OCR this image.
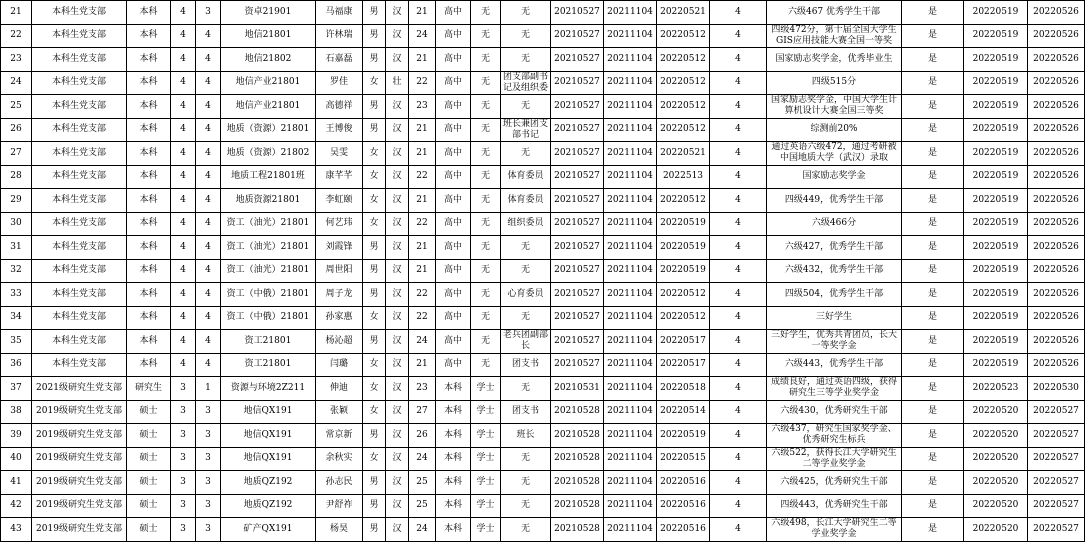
21	本科生党支部	本科	4	3	资卓21901	马福康	男	汉	21	高中	无	无	20210527	20211104	20220521	4	六级467 优秀学生干部	是	20220519	20220526
22	本科生党支部	本科	4	4	地信21801	许林瑞	男	汉	24	高中	无	无	20210527	20211104	20220512	4	四级472分，第十届全国大学生GIS应用技能大赛全国一等奖	是	20220519	20220526
23	本科生党支部	本科	4	4	地信21802	石嘉磊	男	汉	21	高中	无	无	20210527	20211104	20220512	4	国家励志奖学金，优秀毕业生	是	20220519	20220526
24	本科生党支部	本科	4	4	地信产业21801	罗佳	女	壮	22	高中	无	团支部副书记及组织委	20210527	20211104	20220512	4	四级515分	是	20220519	20220526
25	本科生党支部	本科	4	4	地信产业21801	高德祥	男	汉	23	高中	无	无	20210527	20211104	20220512	4	国家励志奖学金，中国大学生计算机设计大赛全国三等奖	是	20220519	20220526
26	本科生党支部	本科	4	4	地质（资源）21801	王博俊	男	汉	21	高中	无	班长兼团支部书记	20210527	20211104	20220512	4	综测前20%	是	20220519	20220526
27	本科生党支部	本科	4	4	地质（资源）21802	吴雯	女	汉	21	高中	无	无	20210527	20211104	20220521	4	通过英语六级472，通过考研被中国地质大学（武汉）录取	是	20220519	20220526
28	本科生党支部	本科	4	4	地质工程21801班	康芊芊	女	汉	22	高中	无	体育委员	20210527	20211104	2022513	4	国家励志奖学金	是	20220519	20220526
29	本科生党支部	本科	4	4	地质资源21801	李虹颐	女	汉	21	高中	无	体育委员	20210527	20211104	20220512	4	四级449，优秀学生干部	是	20220519	20220526
30	本科生党支部	本科	4	4	资工（油光）21801	何艺玮	女	汉	22	高中	无	组织委员	20210527	20211104	20220519	4	六级466分	是	20220519	20220526
31	本科生党支部	本科	4	4	资工（油光）21801	刘霞锋	男	汉	21	高中	无	无	20210527	20211104	20220519	4	六级427，优秀学生干部	是	20220519	20220526
32	本科生党支部	本科	4	4	资工（油光）21801	周世阳	男	汉	21	高中	无	无	20210527	20211104	20220519	4	六级432，优秀学生干部	是	20220519	20220526
33	本科生党支部	本科	4	4	资工（中俄）21801	周子龙	男	汉	22	高中	无	心育委员	20210527	20211104	20220512	4	四级504，优秀学生干部	是	20220519	20220526
34	本科生党支部	本科	4	4	资工（中俄）21801	孙家惠	女	汉	22	高中	无	无	20210527	20211104	20220512	4	三好学生	是	20220519	20220526
35	本科生党支部	本科	4	4	资工21801	杨沁超	男	汉	24	高中	无	老兵团副部长	20210527	20211104	20220517	4	三好学生，优秀共青团员，长大一等奖学金	是	20220519	20220526
36	本科生党支部	本科	4	4	资工21801	闫璐	女	汉	21	高中	无	团支书	20210527	20211104	20220517	4	六级443，优秀学生干部	是	20220519	20220526
37	2021级研究生党支部	研究生	3	1	资源与环境2Z211	伸迪	女	汉	23	本科	学士	无	20210531	20211104	20220518	4	成绩良好，通过英语四级，获得研究生三等学业奖学金	是	20220523	20220530
38	2019级研究生党支部	硕士	3	3	地信QX191	张颖	女	汉	27	本科	学士	团支书	20210528	20211104	20220514	4	六级430，优秀研究生干部	是	20220520	20220527
39	2019级研究生党支部	硕士	3	3	地信QX191	常京新	男	汉	26	本科	学士	班长	20210528	20211104	20220519	4	六级437，研究生国家奖学金、优秀研究生标兵	是	20220520	20220527
40	2019级研究生党支部	硕士	3	3	地信QX191	余秋实	女	汉	24	本科	学士	无	20210528	20211104	20220515	4	六级522，获得长江大学研究生二等学业奖学金	是	20220520	20220527
41	2019级研究生党支部	硕士	3	3	地质QZ192	孙志民	男	汉	25	本科	学士	无	20210528	20211104	20220516	4	六级425，优秀研究生干部	是	20220520	20220527
42	2019级研究生党支部	硕士	3	3	地质QZ192	尹舒祚	男	汉	25	本科	学士	无	20210528	20211104	20220516	4	四级443，优秀研究生干部	是	20220520	20220527
43	2019级研究生党支部	硕士	3	3	矿产QX191	杨昊	男	汉	24	本科	学士	无	20210528	20211104	20220516	4	六级498，长江大学研究生二等学业奖学金	是	20220520	20220527
